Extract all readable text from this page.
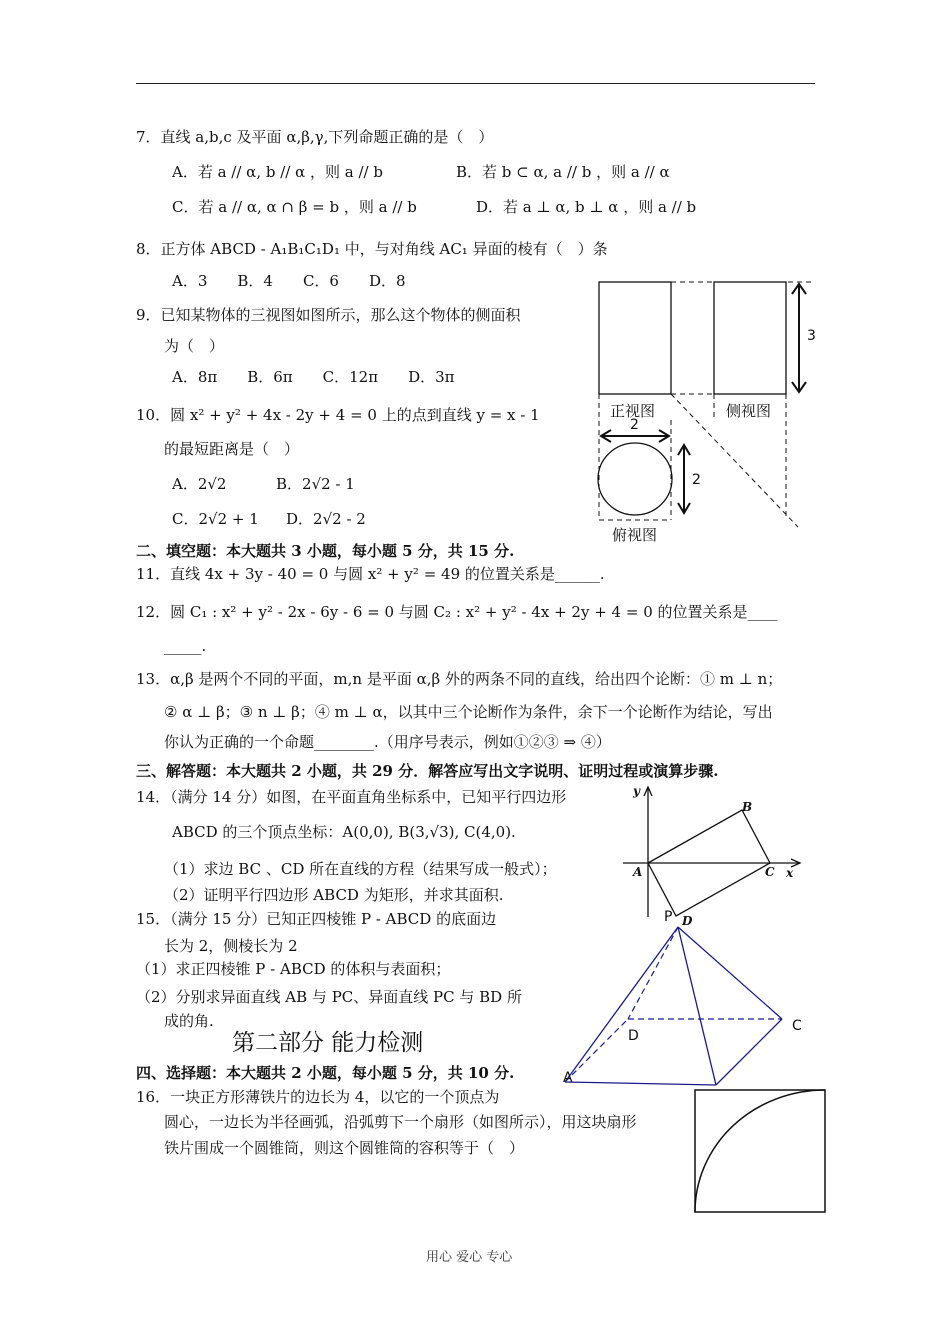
7．直线 a,b,c 及平面 α,β,γ,下列命题正确的是（　）
A．若 a // α, b // α ，则 a // b	B．若 b ⊂ α, a // b ，则 a // α
C．若 a // α, α ∩ β = b ，则 a // b	D．若 a ⊥ α, b ⊥ α ，则 a // b
8．正方体 ABCD - A₁B₁C₁D₁ 中，与对角线 AC₁ 异面的棱有（　）条
A．3　　B．4　　C．6　　D．8
9．已知某物体的三视图如图所示，那么这个物体的侧面积
为（　）
A．8π　　B．6π　　C．12π　　D．3π
10．圆 x² + y² + 4x - 2y + 4 = 0 上的点到直线 y = x - 1
的最短距离是（　）
A．2√2	B．2√2 - 1
C．2√2 + 1 D．2√2 - 2
3
2
2
正视图	侧视图
俯视图
二、填空题：本大题共 3 小题，每小题 5 分，共 15 分.
11．直线 4x + 3y - 40 = 0 与圆 x² + y² = 49 的位置关系是______.
12．圆 C₁ : x² + y² - 2x - 6y - 6 = 0 与圆 C₂ : x² + y² - 4x + 2y + 4 = 0 的位置关系是____
_____.
13．α,β 是两个不同的平面，m,n 是平面 α,β 外的两条不同的直线，给出四个论断：① m ⊥ n；
② α ⊥ β；③ n ⊥ β；④ m ⊥ α，以其中三个论断作为条件，余下一个论断作为结论，写出
你认为正确的一个命题________.（用序号表示，例如①②③ ⇒ ④）
三、解答题：本大题共 2 小题，共 29 分．解答应写出文字说明、证明过程或演算步骤.
14．（满分 14 分）如图，在平面直角坐标系中，已知平行四边形
ABCD 的三个顶点坐标：A(0,0), B(3,√3), C(4,0).
（1）求边 BC 、CD 所在直线的方程（结果写成一般式）；
（2）证明平行四边形 ABCD 为矩形，并求其面积.
y
x
A
B
C
D
15．（满分 15 分）已知正四棱锥 P - ABCD 的底面边
长为 2，侧棱长为 2
（1）求正四棱锥 P - ABCD 的体积与表面积；
（2）分别求异面直线 AB 与 PC、异面直线 PC 与 BD 所
成的角.
P
C
D
A
第二部分 能力检测
四、选择题：本大题共 2 小题，每小题 5 分，共 10 分.
16．一块正方形薄铁片的边长为 4，以它的一个顶点为
圆心，一边长为半径画弧，沿弧剪下一个扇形（如图所示），用这块扇形
铁片围成一个圆锥筒，则这个圆锥筒的容积等于（　）
用心 爱心 专心
